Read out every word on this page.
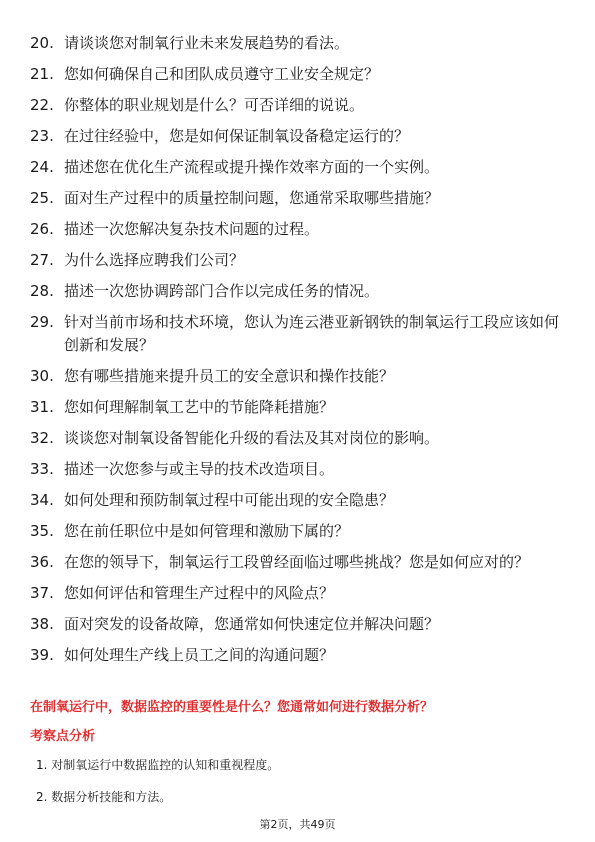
20. 请谈谈您对制氧行业未来发展趋势的看法。
21. 您如何确保自己和团队成员遵守工业安全规定？
22. 你整体的职业规划是什么？可否详细的说说。
23. 在过往经验中，您是如何保证制氧设备稳定运行的？
24. 描述您在优化生产流程或提升操作效率方面的一个实例。
25. 面对生产过程中的质量控制问题，您通常采取哪些措施？
26. 描述一次您解决复杂技术问题的过程。
27. 为什么选择应聘我们公司？
28. 描述一次您协调跨部门合作以完成任务的情况。
29. 针对当前市场和技术环境，您认为连云港亚新钢铁的制氧运行工段应该如何创新和发展？
30. 您有哪些措施来提升员工的安全意识和操作技能？
31. 您如何理解制氧工艺中的节能降耗措施？
32. 谈谈您对制氧设备智能化升级的看法及其对岗位的影响。
33. 描述一次您参与或主导的技术改造项目。
34. 如何处理和预防制氧过程中可能出现的安全隐患？
35. 您在前任职位中是如何管理和激励下属的？
36. 在您的领导下，制氧运行工段曾经面临过哪些挑战？您是如何应对的？
37. 您如何评估和管理生产过程中的风险点？
38. 面对突发的设备故障，您通常如何快速定位并解决问题？
39. 如何处理生产线上员工之间的沟通问题？
在制氧运行中，数据监控的重要性是什么？您通常如何进行数据分析？
考察点分析
1. 对制氧运行中数据监控的认知和重视程度。
2. 数据分析技能和方法。
第2页，共49页
